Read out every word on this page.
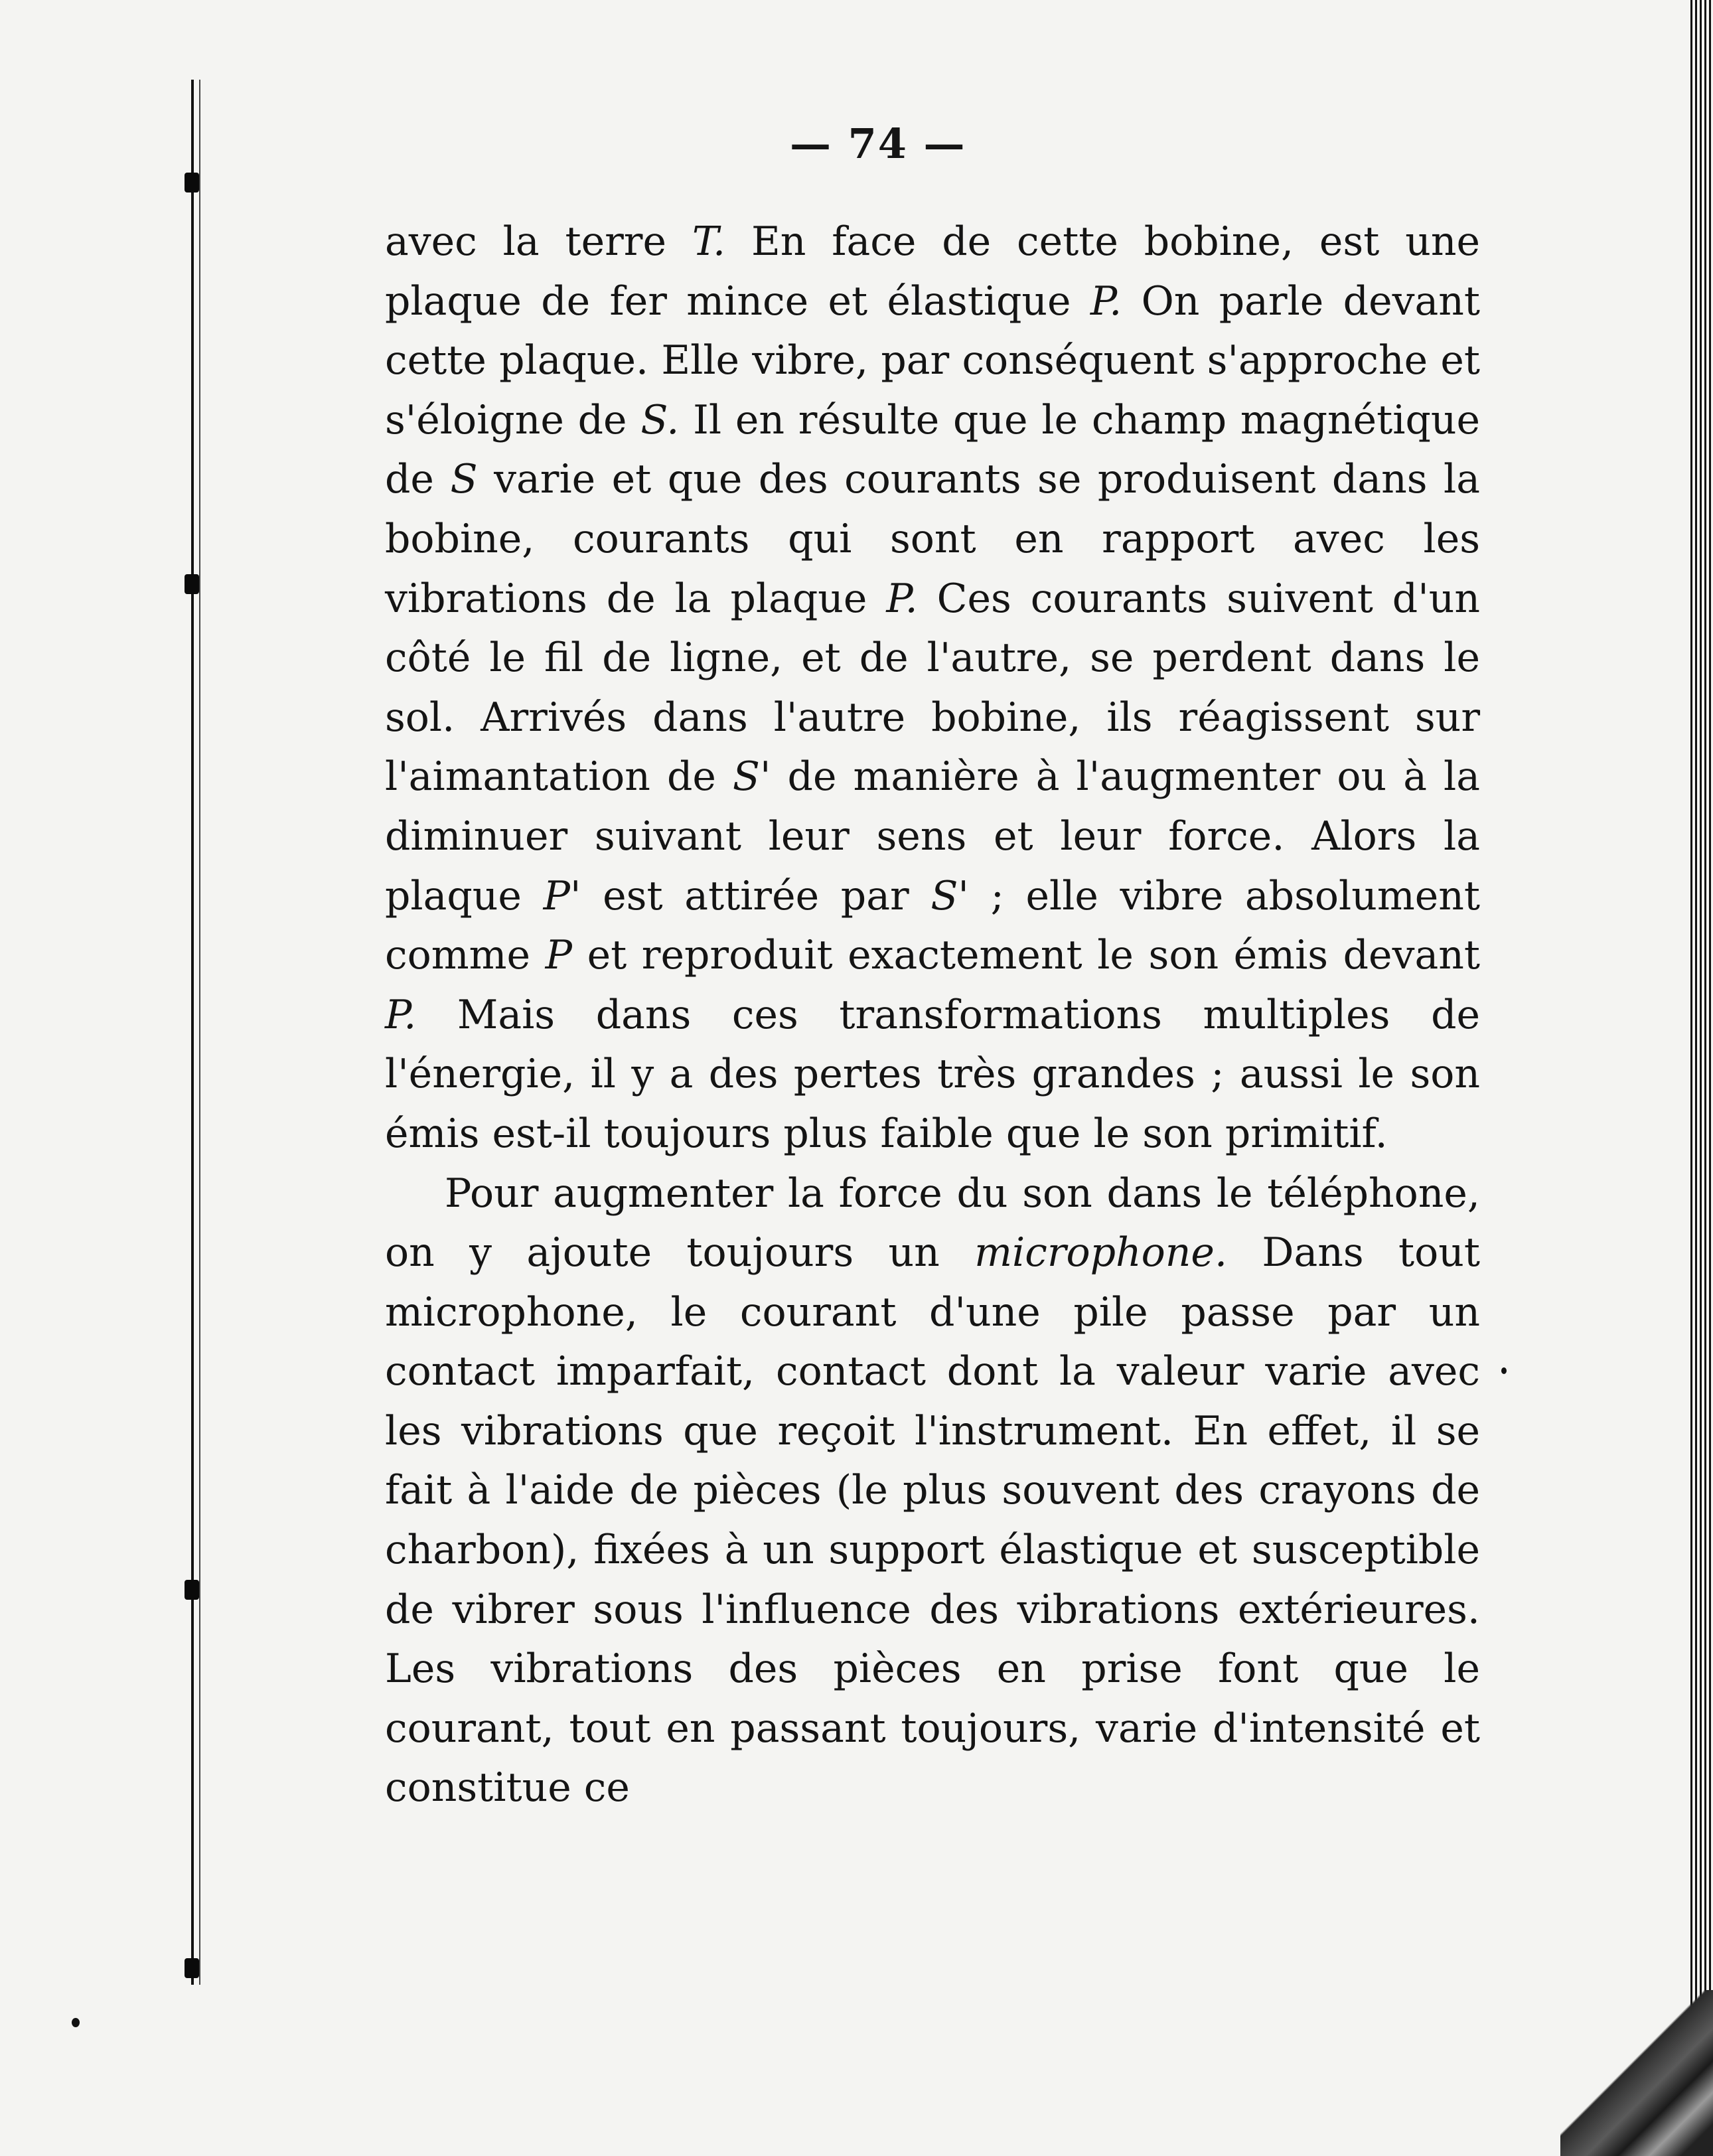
— 74 —

avec la terre T. En face de cette bobine, est une plaque de fer mince et élastique P. On parle devant cette plaque. Elle vibre, par conséquent s'approche et s'éloigne de S. Il en résulte que le champ magnétique de S varie et que des courants se produisent dans la bobine, courants qui sont en rapport avec les vibrations de la plaque P. Ces courants suivent d'un côté le fil de ligne, et de l'autre, se perdent dans le sol. Arrivés dans l'autre bobine, ils réagissent sur l'aimantation de S' de manière à l'augmenter ou à la diminuer suivant leur sens et leur force. Alors la plaque P' est attirée par S' ; elle vibre absolument comme P et reproduit exactement le son émis devant P. Mais dans ces transformations multiples de l'énergie, il y a des pertes très grandes ; aussi le son émis est-il toujours plus faible que le son primitif.

Pour augmenter la force du son dans le téléphone, on y ajoute toujours un microphone. Dans tout microphone, le courant d'une pile passe par un contact imparfait, contact dont la valeur varie avec les vibrations que reçoit l'instrument. En effet, il se fait à l'aide de pièces (le plus souvent des crayons de charbon), fixées à un support élastique et susceptible de vibrer sous l'influence des vibrations extérieures. Les vibrations des pièces en prise font que le courant, tout en passant toujours, varie d'intensité et constitue ce
